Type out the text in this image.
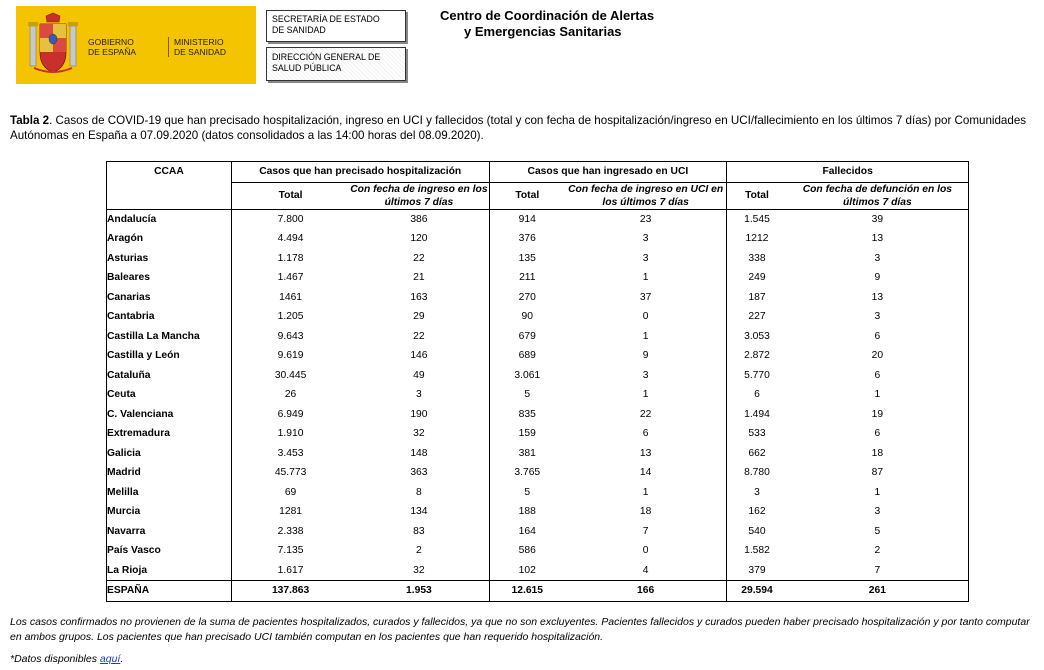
GOBIERNO
DE ESPAÑA
MINISTERIO
DE SANIDAD
SECRETARÍA DE ESTADO
DE SANIDAD
DIRECCIÓN GENERAL DE
SALUD PÚBLICA
Centro de Coordinación de Alertas
y Emergencias Sanitarias
Tabla 2. Casos de COVID-19 que han precisado hospitalización, ingreso en UCI y fallecidos (total y con fecha de hospitalización/ingreso en UCI/fallecimiento en los últimos 7 días) por Comunidades Autónomas en España a 07.09.2020 (datos consolidados a las 14:00 horas del 08.09.2020).
CCAA	Casos que han precisado hospitalización		Casos que han ingresado en UCI		Fallecidos	
	Total	Con fecha de ingreso en los últimos 7 días	Total	Con fecha de ingreso en UCI en los últimos 7 días	Total	Con fecha de defunción en los últimos 7 días
Andalucía	7.800	386	914	23	1.545	39
Aragón	4.494	120	376	3	1212	13
Asturias	1.178	22	135	3	338	3
Baleares	1.467	21	211	1	249	9
Canarias	1461	163	270	37	187	13
Cantabria	1.205	29	90	0	227	3
Castilla La Mancha	9.643	22	679	1	3.053	6
Castilla y León	9.619	146	689	9	2.872	20
Cataluña	30.445	49	3.061	3	5.770	6
Ceuta	26	3	5	1	6	1
C. Valenciana	6.949	190	835	22	1.494	19
Extremadura	1.910	32	159	6	533	6
Galicia	3.453	148	381	13	662	18
Madrid	45.773	363	3.765	14	8.780	87
Melilla	69	8	5	1	3	1
Murcia	1281	134	188	18	162	3
Navarra	2.338	83	164	7	540	5
País Vasco	7.135	2	586	0	1.582	2
La Rioja	1.617	32	102	4	379	7
ESPAÑA	137.863	1.953	12.615	166	29.594	261
Los casos confirmados no provienen de la suma de pacientes hospitalizados, curados y fallecidos, ya que no son excluyentes. Pacientes fallecidos y curados pueden haber precisado hospitalización y por tanto computar en ambos grupos. Los pacientes que han precisado UCI también computan en los pacientes que han requerido hospitalización.
*Datos disponibles aquí.
